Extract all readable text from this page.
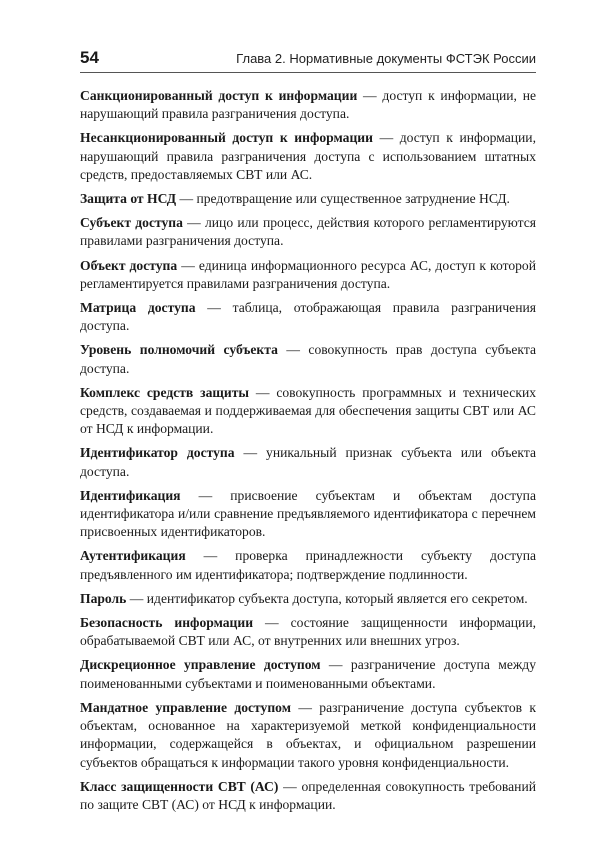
54	Глава 2. Нормативные документы ФСТЭК России

Санкционированный доступ к информации — доступ к информации, не нарушающий правила разграничения доступа.

Несанкционированный доступ к информации — доступ к информации, нарушающий правила разграничения доступа с использованием штатных средств, предоставляемых СВТ или АС.

Защита от НСД — предотвращение или существенное затруднение НСД.

Субъект доступа — лицо или процесс, действия которого регламентируются правилами разграничения доступа.

Объект доступа — единица информационного ресурса АС, доступ к которой регламентируется правилами разграничения доступа.

Матрица доступа — таблица, отображающая правила разграничения доступа.

Уровень полномочий субъекта — совокупность прав доступа субъекта доступа.

Комплекс средств защиты — совокупность программных и технических средств, создаваемая и поддерживаемая для обеспечения защиты СВТ или АС от НСД к информации.

Идентификатор доступа — уникальный признак субъекта или объекта доступа.

Идентификация — присвоение субъектам и объектам доступа идентификатора и/или сравнение предъявляемого идентификатора с перечнем присвоенных идентификаторов.

Аутентификация — проверка принадлежности субъекту доступа предъявленного им идентификатора; подтверждение подлинности.

Пароль — идентификатор субъекта доступа, который является его секретом.

Безопасность информации — состояние защищенности информации, обрабатываемой СВТ или АС, от внутренних или внешних угроз.

Дискреционное управление доступом — разграничение доступа между поименованными субъектами и поименованными объектами.

Мандатное управление доступом — разграничение доступа субъектов к объектам, основанное на характеризуемой меткой конфиденциальности информации, содержащейся в объектах, и официальном разрешении субъектов обращаться к информации такого уровня конфиденциальности.

Класс защищенности СВТ (АС) — определенная совокупность требований по защите СВТ (АС) от НСД к информации.
